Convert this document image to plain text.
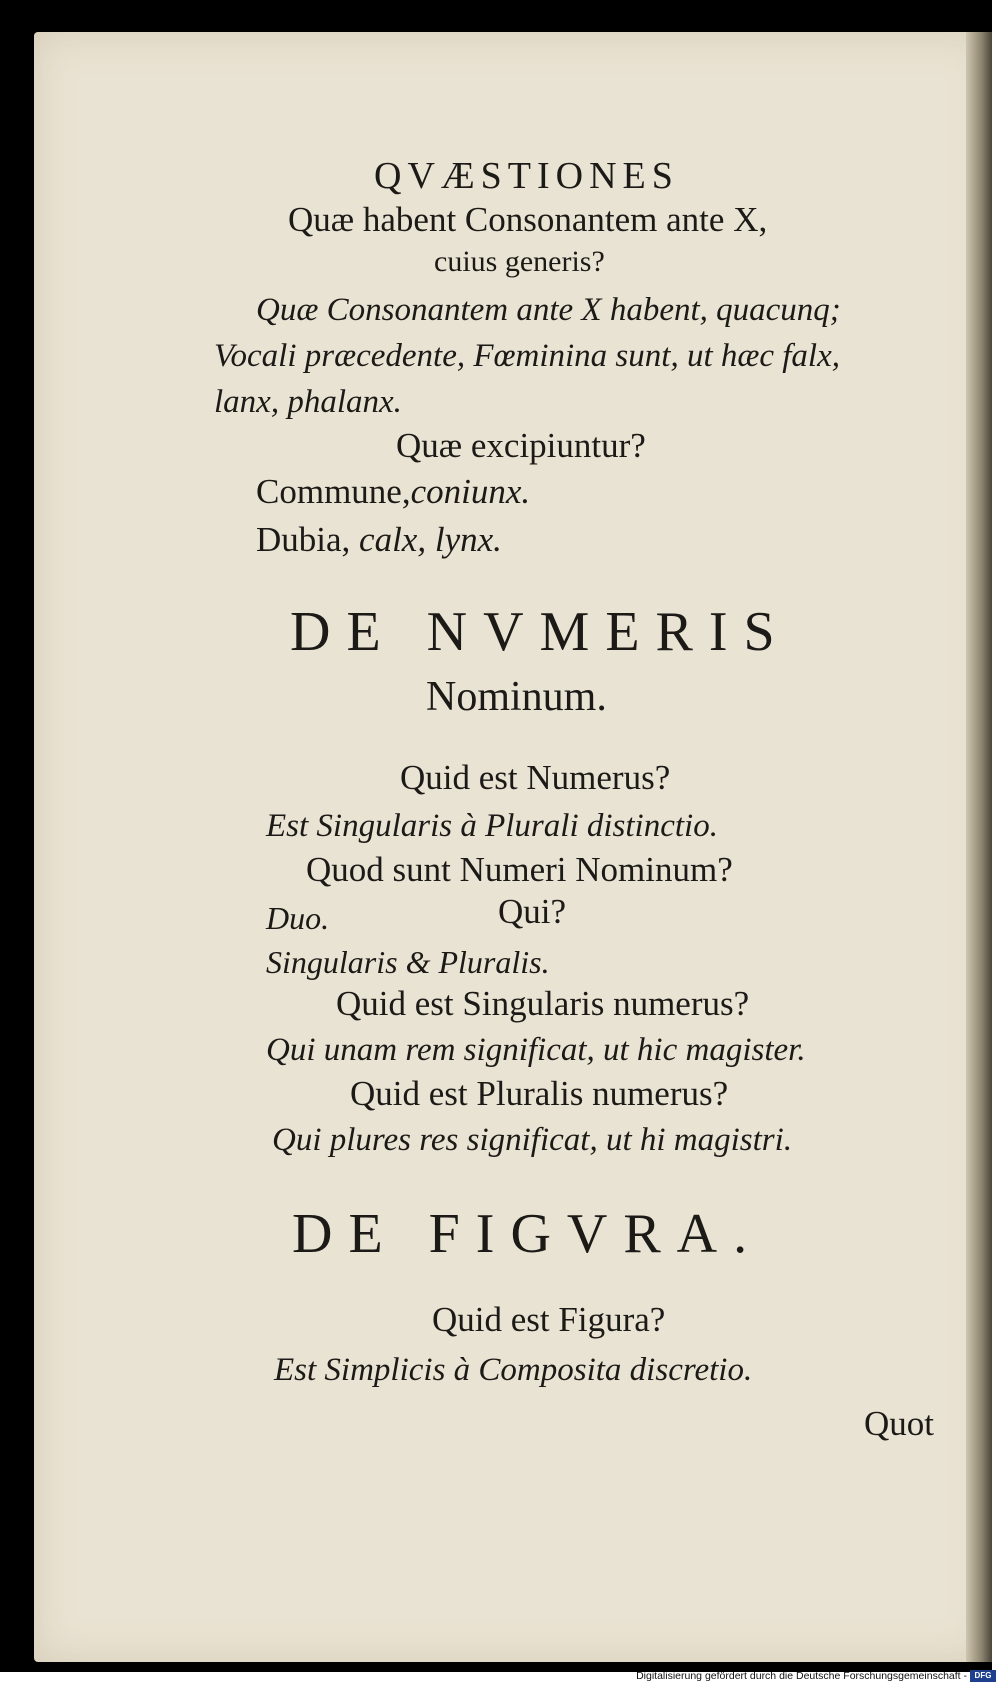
QVÆSTIONES
Quæ habent Consonantem ante X,
cuius generis?
Quæ Consonantem ante X habent, quacunq;
Vocali præcedente, Fœminina sunt, ut hæc falx,
lanx, phalanx.
Quæ excipiuntur?
Commune,coniunx.
Dubia, calx, lynx.
DE NVMERIS
Nominum.
Quid est Numerus?
Est Singularis à Plurali distinctio.
Quod sunt Numeri Nominum?
Duo.	Qui?
Singularis & Pluralis.
Quid est Singularis numerus?
Qui unam rem significat, ut hic magister.
Quid est Pluralis numerus?
Qui plures res significat, ut hi magistri.
DE FIGVRA.
Quid est Figura?
Est Simplicis à Composita discretio.
Quot
Digitalisierung gefördert durch die Deutsche Forschungsgemeinschaft - DFG
